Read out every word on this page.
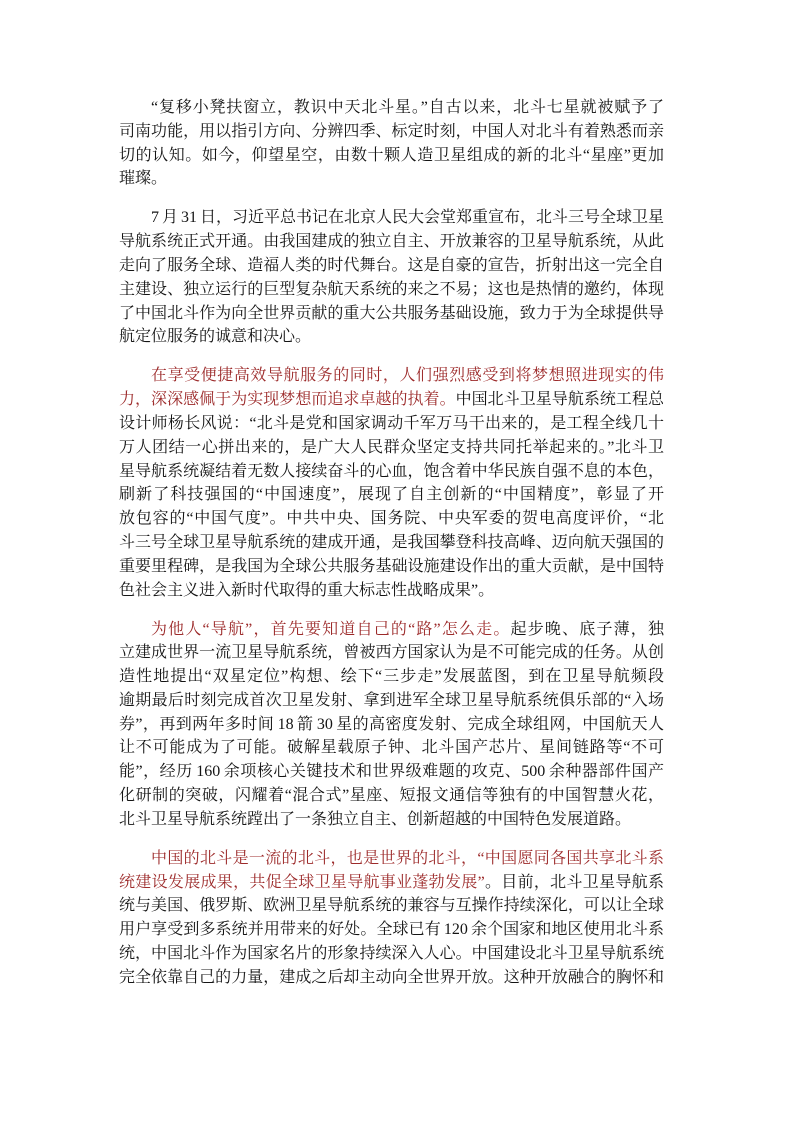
“复移小凳扶窗立，教识中天北斗星。”自古以来，北斗七星就被赋予了
司南功能，用以指引方向、分辨四季、标定时刻，中国人对北斗有着熟悉而亲
切的认知。如今，仰望星空，由数十颗人造卫星组成的新的北斗“星座”更加
璀璨。
7 月 31 日，习近平总书记在北京人民大会堂郑重宣布，北斗三号全球卫星
导航系统正式开通。由我国建成的独立自主、开放兼容的卫星导航系统，从此
走向了服务全球、造福人类的时代舞台。这是自豪的宣告，折射出这一完全自
主建设、独立运行的巨型复杂航天系统的来之不易；这也是热情的邀约，体现
了中国北斗作为向全世界贡献的重大公共服务基础设施，致力于为全球提供导
航定位服务的诚意和决心。
在享受便捷高效导航服务的同时，人们强烈感受到将梦想照进现实的伟
力，深深感佩于为实现梦想而追求卓越的执着。中国北斗卫星导航系统工程总
设计师杨长风说：“北斗是党和国家调动千军万马干出来的，是工程全线几十
万人团结一心拼出来的，是广大人民群众坚定支持共同托举起来的。”北斗卫
星导航系统凝结着无数人接续奋斗的心血，饱含着中华民族自强不息的本色，
刷新了科技强国的“中国速度”，展现了自主创新的“中国精度”，彰显了开
放包容的“中国气度”。中共中央、国务院、中央军委的贺电高度评价，“北
斗三号全球卫星导航系统的建成开通，是我国攀登科技高峰、迈向航天强国的
重要里程碑，是我国为全球公共服务基础设施建设作出的重大贡献，是中国特
色社会主义进入新时代取得的重大标志性战略成果”。
为他人“导航”，首先要知道自己的“路”怎么走。起步晚、底子薄，独
立建成世界一流卫星导航系统，曾被西方国家认为是不可能完成的任务。从创
造性地提出“双星定位”构想、绘下“三步走”发展蓝图，到在卫星导航频段
逾期最后时刻完成首次卫星发射、拿到进军全球卫星导航系统俱乐部的“入场
券”，再到两年多时间 18 箭 30 星的高密度发射、完成全球组网，中国航天人
让不可能成为了可能。破解星载原子钟、北斗国产芯片、星间链路等“不可
能”，经历 160 余项核心关键技术和世界级难题的攻克、500 余种器部件国产
化研制的突破，闪耀着“混合式”星座、短报文通信等独有的中国智慧火花，
北斗卫星导航系统蹚出了一条独立自主、创新超越的中国特色发展道路。
中国的北斗是一流的北斗，也是世界的北斗，“中国愿同各国共享北斗系
统建设发展成果，共促全球卫星导航事业蓬勃发展”。目前，北斗卫星导航系
统与美国、俄罗斯、欧洲卫星导航系统的兼容与互操作持续深化，可以让全球
用户享受到多系统并用带来的好处。全球已有 120 余个国家和地区使用北斗系
统，中国北斗作为国家名片的形象持续深入人心。中国建设北斗卫星导航系统
完全依靠自己的力量，建成之后却主动向全世界开放。这种开放融合的胸怀和
